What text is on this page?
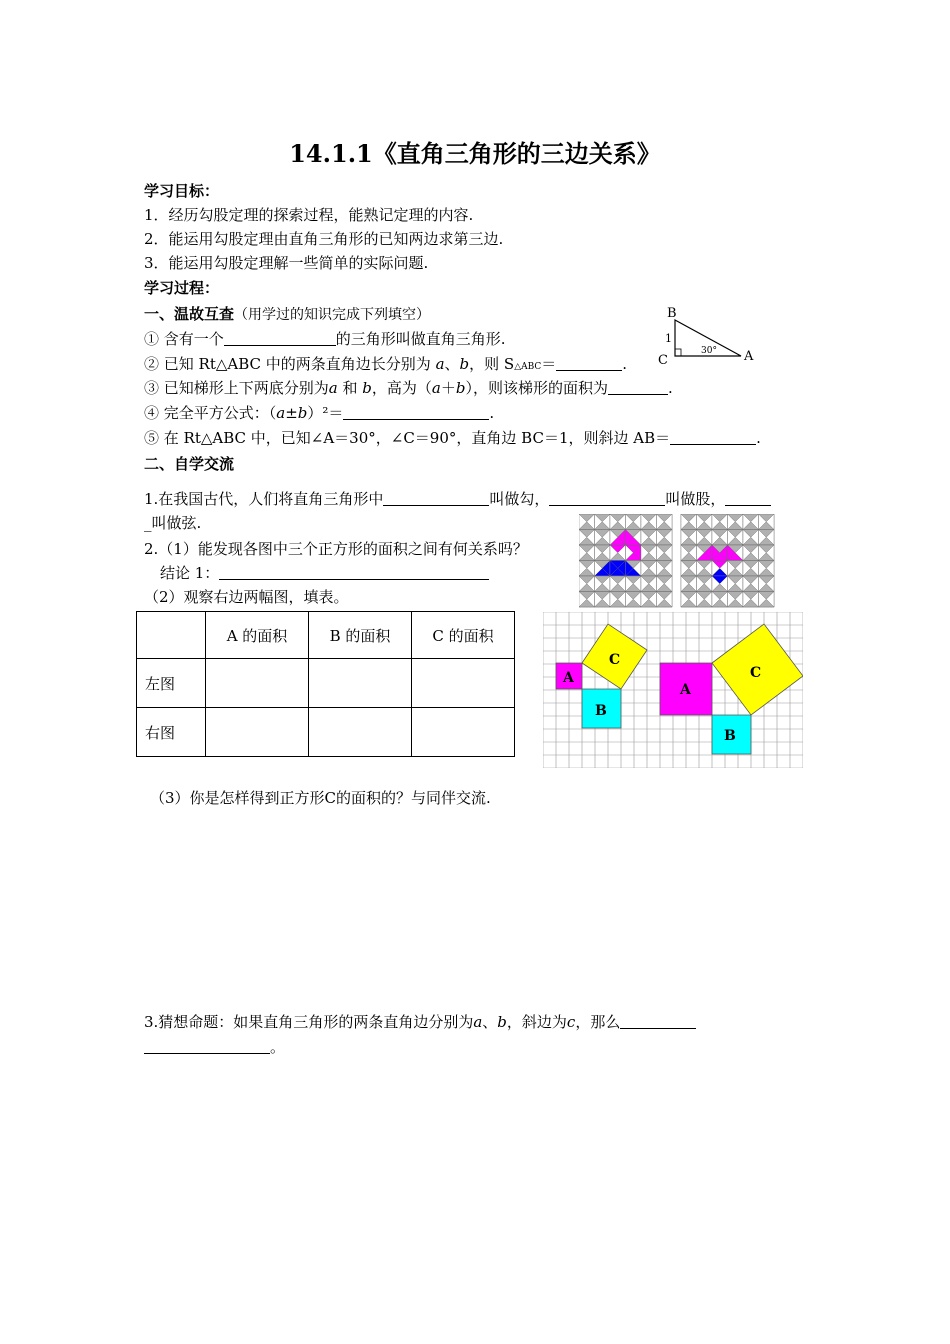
14.1.1《直角三角形的三边关系》
学习目标：
1．经历勾股定理的探索过程，能熟记定理的内容.
2．能运用勾股定理由直角三角形的已知两边求第三边.
3．能运用勾股定理解一些简单的实际问题.
学习过程：
一、温故互查（用学过的知识完成下列填空）
① 含有一个	的三角形叫做直角三角形.
② 已知 Rt△ABC 中的两条直角边长分别为 a、b，则 S△ABC＝	.
③ 已知梯形上下两底分别为a 和 b，高为（a＋b），则该梯形的面积为	.
④ 完全平方公式：（a±b）²＝	.
⑤ 在 Rt△ABC 中，已知∠A＝30°，∠C＝90°，直角边 BC＝1，则斜边 AB＝	.
B
C	A
1
30°
二、自学交流
1.在我国古代，人们将直角三角形中	叫做勾，	叫做股，
_叫做弦.
2.（1）能发现各图中三个正方形的面积之间有何关系吗？
结论 1：
（2）观察右边两幅图，填表。
	A 的面积	B 的面积	C 的面积
左图			
右图			
A
B
C
A
B
C
（3）你是怎样得到正方形C的面积的？与同伴交流.
3.猜想命题：如果直角三角形的两条直角边分别为a、b，斜边为c，那么
。
